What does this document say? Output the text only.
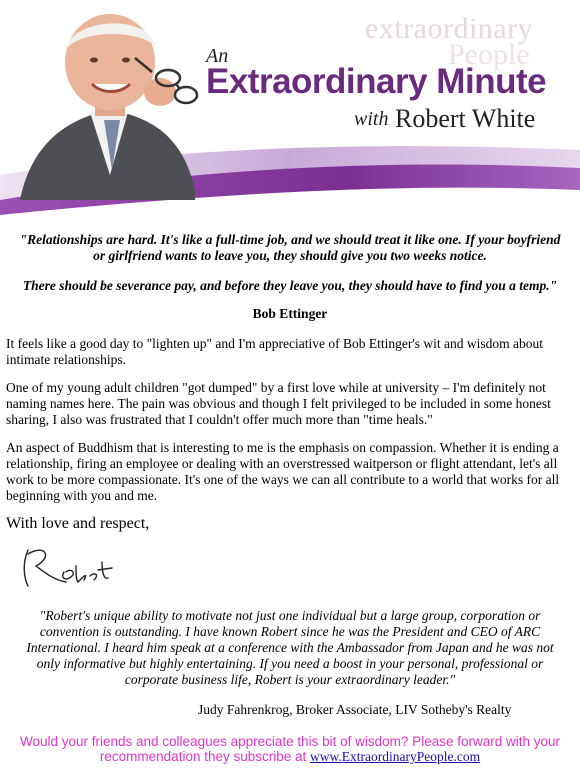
extraordinary
People
An
Extraordinary Minute
with Robert White
"Relationships are hard. It's like a full-time job, and we should treat it like one. If your boyfriend or girlfriend wants to leave you, they should give you two weeks notice.
There should be severance pay, and before they leave you, they should have to find you a temp."
Bob Ettinger
It feels like a good day to "lighten up" and I'm appreciative of Bob Ettinger's wit and wisdom about intimate relationships.
One of my young adult children "got dumped" by a first love while at university – I'm definitely not naming names here. The pain was obvious and though I felt privileged to be included in some honest sharing, I also was frustrated that I couldn't offer much more than "time heals."
An aspect of Buddhism that is interesting to me is the emphasis on compassion. Whether it is ending a relationship, firing an employee or dealing with an overstressed waitperson or flight attendant, let's all work to be more compassionate. It's one of the ways we can all contribute to a world that works for all beginning with you and me.
With love and respect,
"Robert's unique ability to motivate not just one individual but a large group, corporation or convention is outstanding. I have known Robert since he was the President and CEO of ARC International. I heard him speak at a conference with the Ambassador from Japan and he was not only informative but highly entertaining. If you need a boost in your personal, professional or corporate business life, Robert is your extraordinary leader."
Judy Fahrenkrog, Broker Associate, LIV Sotheby's Realty
Would your friends and colleagues appreciate this bit of wisdom? Please forward with your recommendation they subscribe at www.ExtraordinaryPeople.com
